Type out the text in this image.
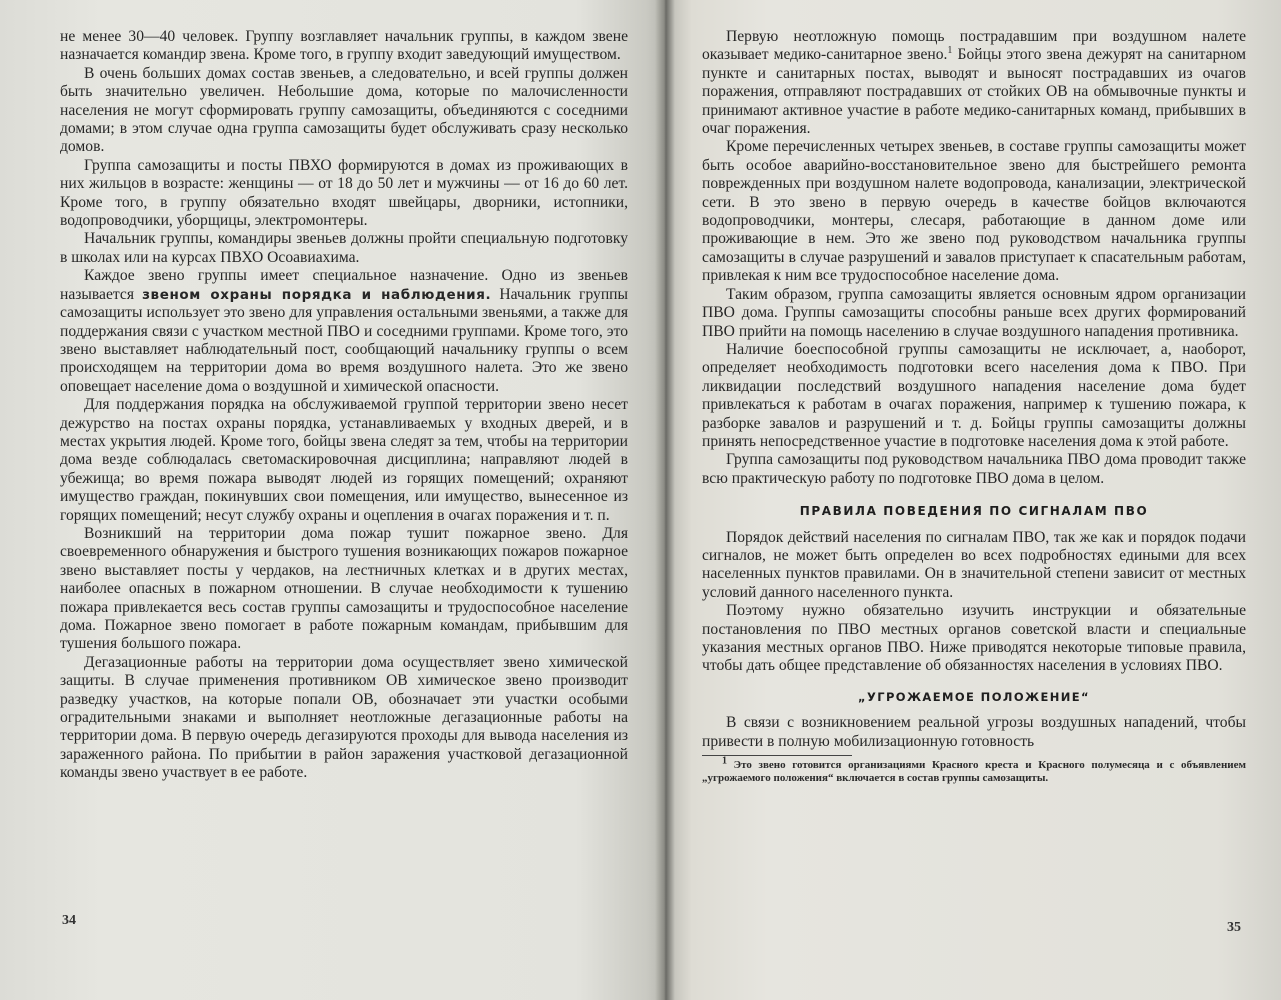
не менее 30—40 человек. Группу возглавляет начальник группы, в каждом звене назначается командир звена. Кроме того, в группу входит заведующий имуществом.

В очень больших домах состав звеньев, а следовательно, и всей группы должен быть значительно увеличен. Небольшие дома, которые по малочисленности населения не могут сформировать группу самозащиты, объединяются с соседними домами; в этом случае одна группа самозащиты будет обслуживать сразу несколько домов.

Группа самозащиты и посты ПВХО формируются в домах из проживающих в них жильцов в возрасте: женщины — от 18 до 50 лет и мужчины — от 16 до 60 лет. Кроме того, в группу обязательно входят швейцары, дворники, истопники, водопроводчики, уборщицы, электромонтеры.

Начальник группы, командиры звеньев должны пройти специальную подготовку в школах или на курсах ПВХО Осоавиахима.

Каждое звено группы имеет специальное назначение. Одно из звеньев называется звеном охраны порядка и наблюдения. Начальник группы самозащиты использует это звено для управления остальными звеньями, а также для поддержания связи с участком местной ПВО и соседними группами. Кроме того, это звено выставляет наблюдательный пост, сообщающий начальнику группы о всем происходящем на территории дома во время воздушного налета. Это же звено оповещает население дома о воздушной и химической опасности.

Для поддержания порядка на обслуживаемой группой территории звено несет дежурство на постах охраны порядка, устанавливаемых у входных дверей, и в местах укрытия людей. Кроме того, бойцы звена следят за тем, чтобы на территории дома везде соблюдалась светомаскировочная дисциплина; направляют людей в убежища; во время пожара выводят людей из горящих помещений; охраняют имущество граждан, покинувших свои помещения, или имущество, вынесенное из горящих помещений; несут службу охраны и оцепления в очагах поражения и т. п.

Возникший на территории дома пожар тушит пожарное звено. Для своевременного обнаружения и быстрого тушения возникающих пожаров пожарное звено выставляет посты у чердаков, на лестничных клетках и в других местах, наиболее опасных в пожарном отношении. В случае необходимости к тушению пожара привлекается весь состав группы самозащиты и трудоспособное население дома. Пожарное звено помогает в работе пожарным командам, прибывшим для тушения большого пожара.

Дегазационные работы на территории дома осуществляет звено химической защиты. В случае применения противником ОВ химическое звено производит разведку участков, на которые попали ОВ, обозначает эти участки особыми оградительными знаками и выполняет неотложные дегазационные работы на территории дома. В первую очередь дегазируются проходы для вывода населения из зараженного района. По прибытии в район заражения участковой дегазационной команды звено участвует в ее работе.

34

Первую неотложную помощь пострадавшим при воздушном налете оказывает медико-санитарное звено.$^1$ Бойцы этого звена дежурят на санитарном пункте и санитарных постах, выводят и выносят пострадавших из очагов поражения, отправляют пострадавших от стойких ОВ на обмывочные пункты и принимают активное участие в работе медико-санитарных команд, прибывших в очаг поражения.

Кроме перечисленных четырех звеньев, в составе группы самозащиты может быть особое аварийно-восстановительное звено для быстрейшего ремонта поврежденных при воздушном налете водопровода, канализации, электрической сети. В это звено в первую очередь в качестве бойцов включаются водопроводчики, монтеры, слесаря, работающие в данном доме или проживающие в нем. Это же звено под руководством начальника группы самозащиты в случае разрушений и завалов приступает к спасательным работам, привлекая к ним все трудоспособное население дома.

Таким образом, группа самозащиты является основным ядром организации ПВО дома. Группы самозащиты способны раньше всех других формирований ПВО прийти на помощь населению в случае воздушного нападения противника.

Наличие боеспособной группы самозащиты не исключает, а, наоборот, определяет необходимость подготовки всего населения дома к ПВО. При ликвидации последствий воздушного нападения население дома будет привлекаться к работам в очагах поражения, например к тушению пожара, к разборке завалов и разрушений и т. д. Бойцы группы самозащиты должны принять непосредственное участие в подготовке населения дома к этой работе.

Группа самозащиты под руководством начальника ПВО дома проводит также всю практическую работу по подготовке ПВО дома в целом.

ПРАВИЛА ПОВЕДЕНИЯ ПО СИГНАЛАМ ПВО

Порядок действий населения по сигналам ПВО, так же как и порядок подачи сигналов, не может быть определен во всех подробностях едиными для всех населенных пунктов правилами. Он в значительной степени зависит от местных условий данного населенного пункта.

Поэтому нужно обязательно изучить инструкции и обязательные постановления по ПВО местных органов советской власти и специальные указания местных органов ПВО. Ниже приводятся некоторые типовые правила, чтобы дать общее представление об обязанностях населения в условиях ПВО.

„УГРОЖАЕМОЕ ПОЛОЖЕНИЕ“

В связи с возникновением реальной угрозы воздушных нападений, чтобы привести в полную мобилизационную готовность

$^1$ Это звено готовится организациями Красного креста и Красного полумесяца и с объявлением „угрожаемого положения“ включается в состав группы самозащиты.
35
